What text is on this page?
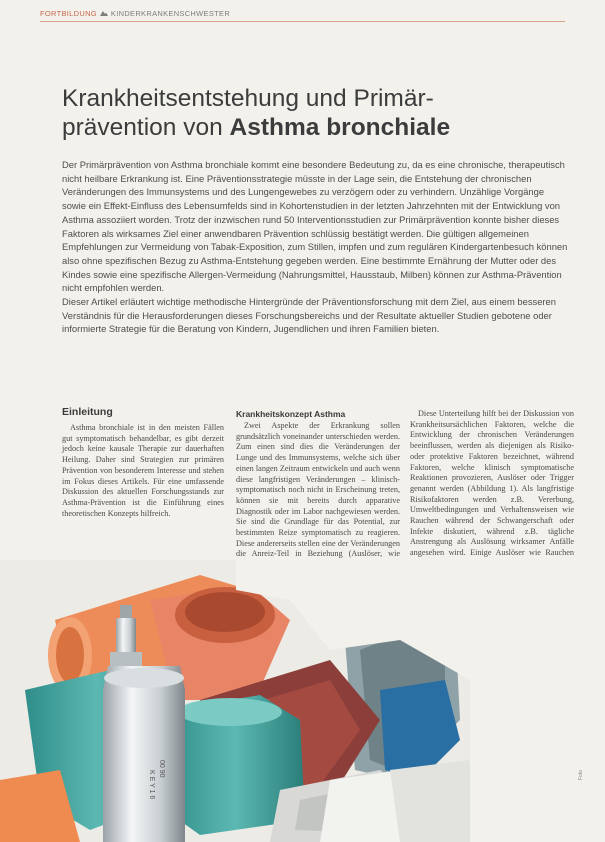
FORTBILDUNG KINDERKRANKENSCHWESTER
Krankheitsentstehung und Primär-
prävention von Asthma bronchiale

Der Primärprävention von Asthma bronchiale kommt eine besondere Bedeutung zu, da es eine chronische, therapeutisch nicht heilbare Erkrankung ist. Eine Präventionsstrategie müsste in der Lage sein, die Entstehung der chronischen Veränderungen des Immunsystems und des Lungengewebes zu verzögern oder zu verhindern. Unzählige Vorgänge sowie ein Effekt-Einfluss des Lebensumfelds sind in Kohortenstudien in der letzten Jahrzehnten mit der Entwicklung von Asthma assoziiert worden. Trotz der inzwischen rund 50 Interventionsstudien zur Primärprävention konnte bisher dieses Faktoren als wirksames Ziel einer anwendbaren Prävention schlüssig bestätigt werden. Die gültigen allgemeinen Empfehlungen zur Vermeidung von Tabak-Exposition, zum Stillen, impfen und zum regulären Kindergartenbesuch können also ohne spezifischen Bezug zu Asthma-Entstehung gegeben werden. Eine bestimmte Ernährung der Mutter oder des Kindes sowie eine spezifische Allergen-Vermeidung (Nahrungsmittel, Hausstaub, Milben) können zur Asthma-Prävention nicht empfohlen werden.

Dieser Artikel erläutert wichtige methodische Hintergründe der Präventionsforschung mit dem Ziel, aus einem besseren Verständnis für die Herausforderungen dieses Forschungsbereichs und der Resultate aktueller Studien gebotene oder informierte Strategie für die Beratung von Kindern, Jugendlichen und ihren Familien bieten.

Einleitung

Asthma bronchiale ist in den meisten Fällen gut symptomatisch behandelbar, es gibt derzeit jedoch keine kausale Therapie zur dauerhaften Heilung. Daher sind Strategien zur primären Prävention von besonderem Interesse und stehen im Fokus dieses Artikels. Für eine umfassende Diskussion des aktuellen Forschungsstands zur Asthma-Prävention ist die Einführung eines theoretischen Konzepts hilfreich.

Krankheitskonzept Asthma

Zwei Aspekte der Erkrankung sollen grundsätzlich voneinander unterschieden werden. Zum einen sind dies die Veränderungen der Lunge und des Immunsystems, welche sich über einen langen Zeitraum entwickeln und auch wenn diese langfristigen Veränderungen – klinisch-symptomatisch noch nicht in Erscheinung treten, können sie mit bereits durch apparative Diagnostik oder im Labor nachgewiesen werden. Sie sind die Grundlage für das Potential, zur bestimmten Reize symptomatisch zu reagieren. Diese andererseits stellen eine der Veränderungen die Anreiz-Teil in Beziehung (Auslöser, wie

Diese Unterteilung hilft bei der Diskussion von Krankheitsursächlichen Faktoren, welche die Entwicklung der chronischen Veränderungen beeinflussen, werden als diejenigen als Risiko- oder protektive Faktoren bezeichnet, während Faktoren, welche klinisch symptomatische Reaktionen provozieren, Auslöser oder Trigger genannt werden (Abbildung 1). Als langfristige Risikofaktoren werden z.B. Vererbung, Umweltbedingungen und Verhaltensweisen wie Rauchen während der Schwangerschaft oder Infekte diskutiert, während z.B. tägliche Anstrengung als Auslösung wirksamer Anfälle angesehen wird. Einige Auslöser wie Rauchen

00 90
K E Y 1 6	Foto
